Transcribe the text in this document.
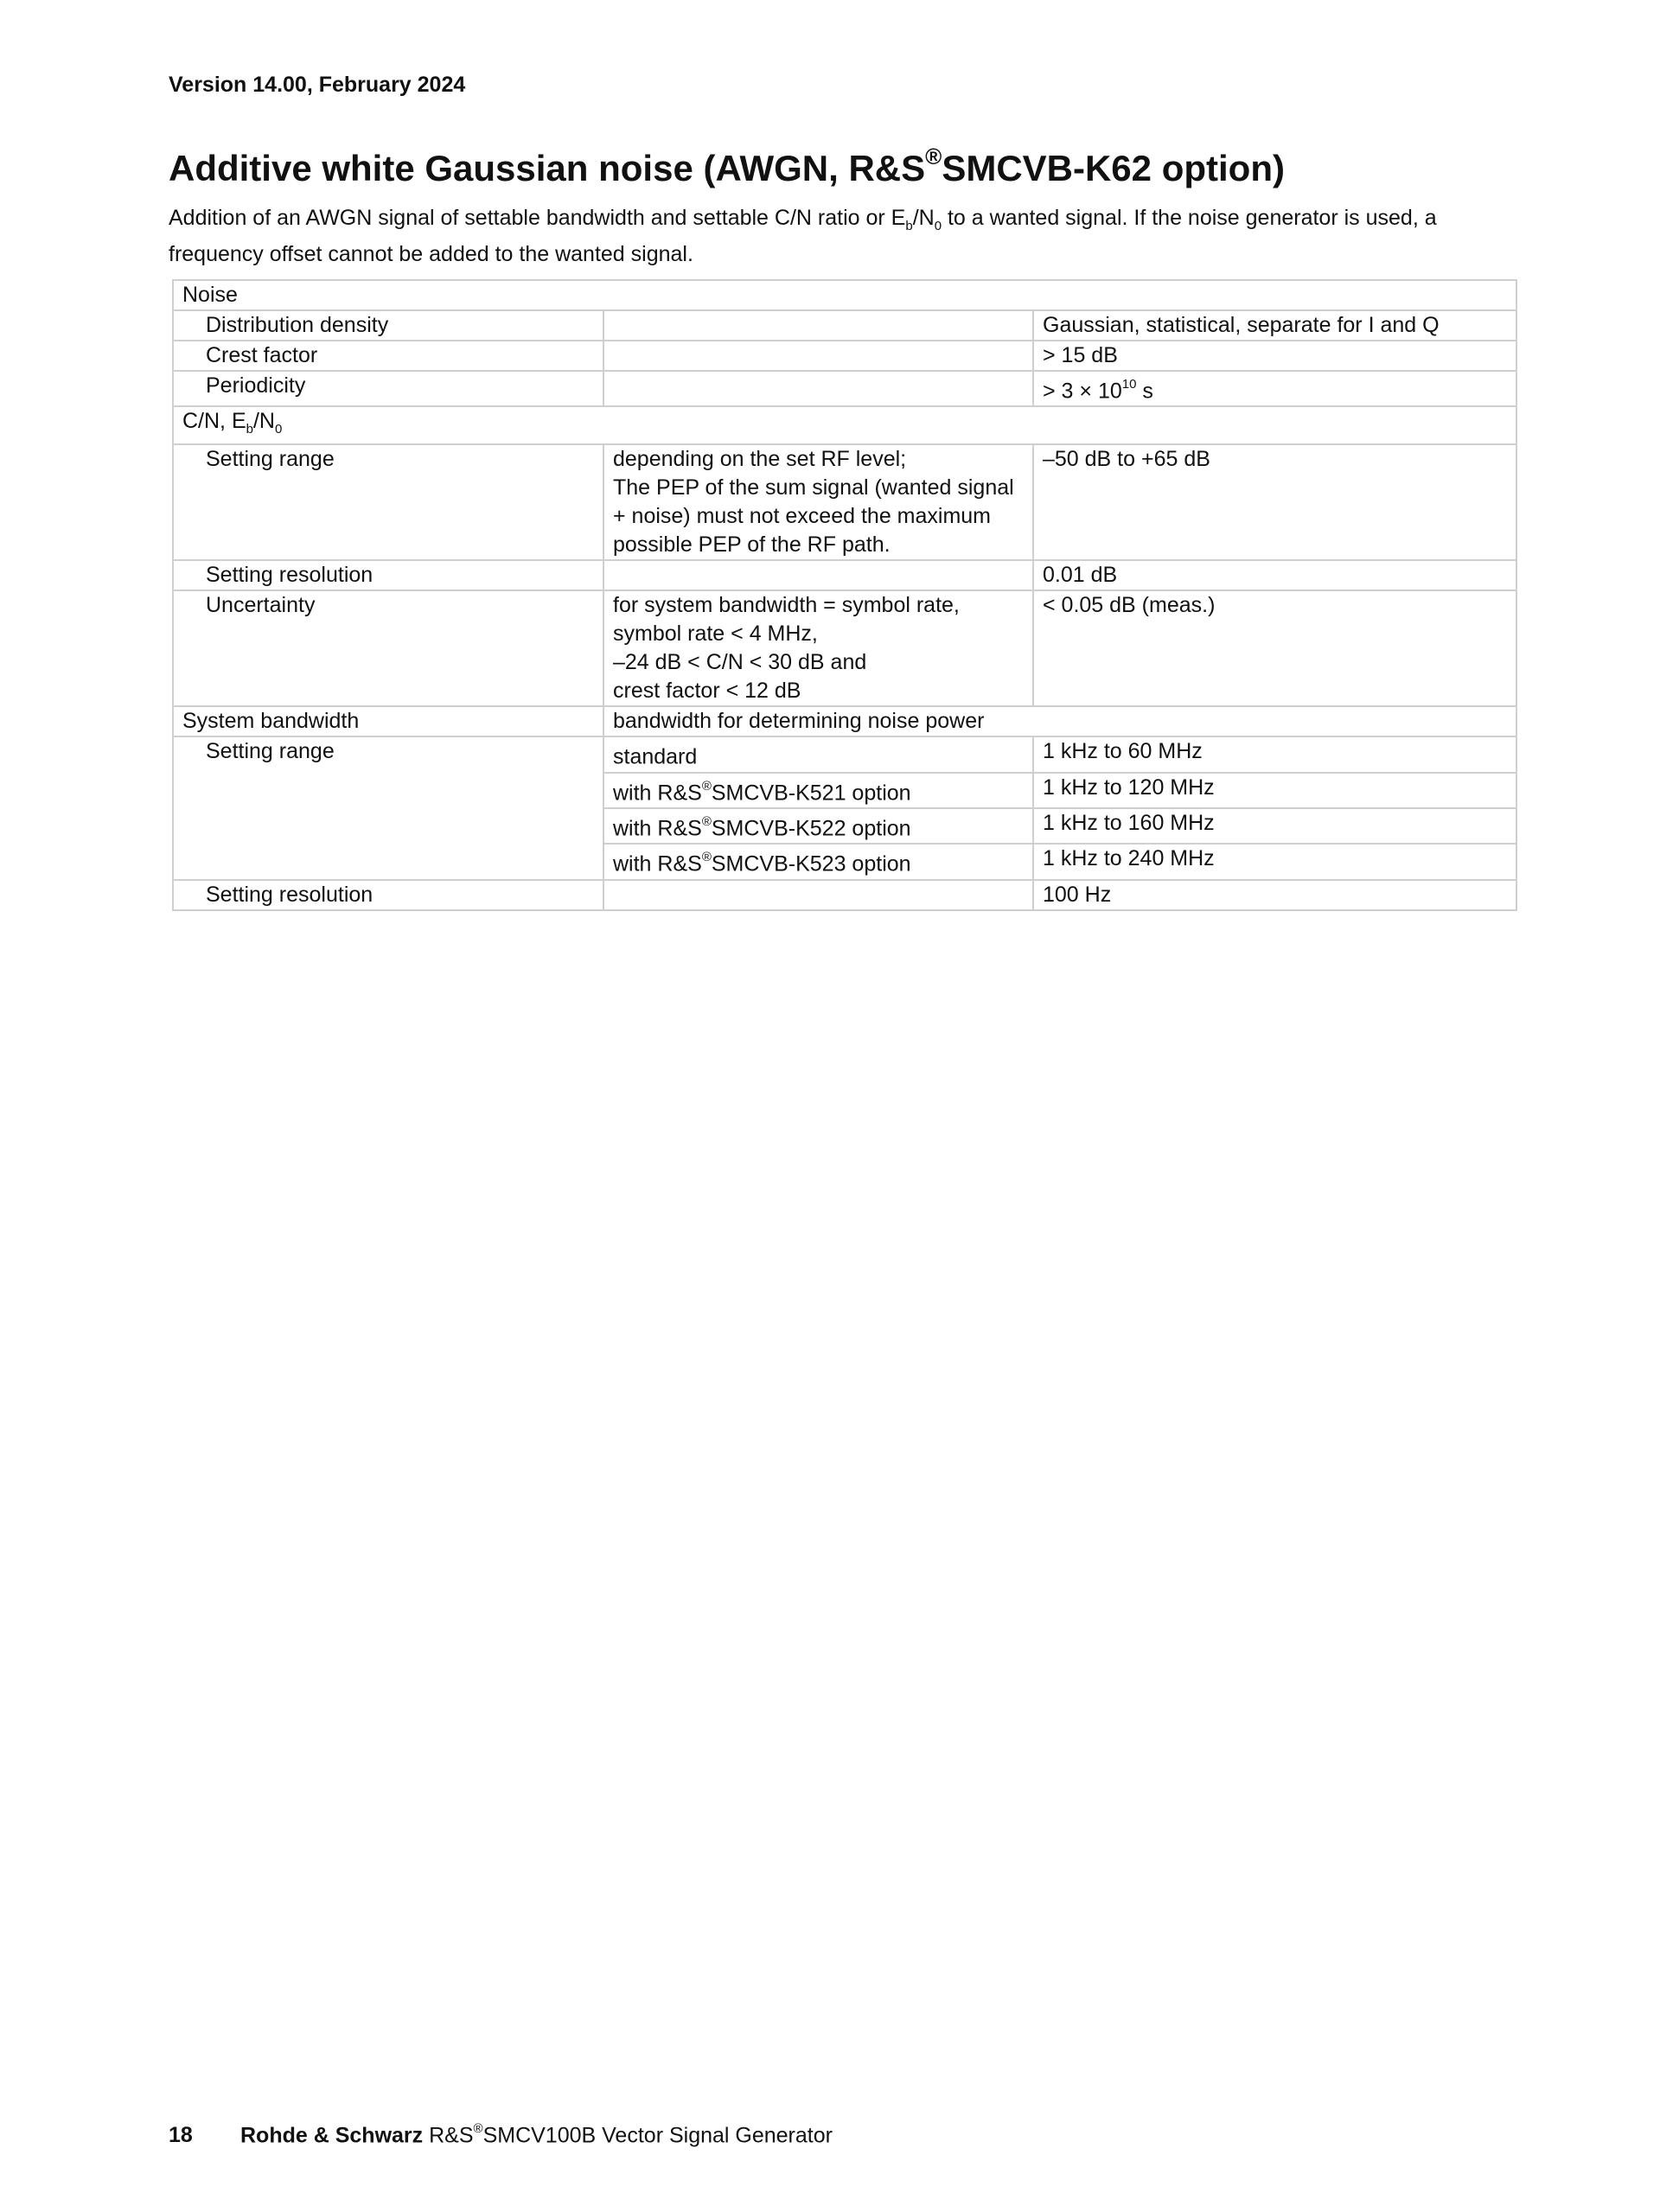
Version 14.00, February 2024
Additive white Gaussian noise (AWGN, R&S®SMCVB-K62 option)

Addition of an AWGN signal of settable bandwidth and settable C/N ratio or $E_b/N_0$ to a wanted signal. If the noise generator is used, a frequency offset cannot be added to the wanted signal.

Noise		
Distribution density		Gaussian, statistical, separate for I and Q
Crest factor		> 15 dB
Periodicity		> $3 \times 10^{10}$ s
C/N, $E_b/N_0$
Setting range	depending on the set RF level;
The PEP of the sum signal (wanted signal
+ noise) must not exceed the maximum
possible PEP of the RF path.	–50 dB to +65 dB
Setting resolution		0.01 dB
Uncertainty	for system bandwidth = symbol rate,
symbol rate < 4 MHz,
–24 dB < C/N < 30 dB and
crest factor < 12 dB	< 0.05 dB (meas.)
System bandwidth	bandwidth for determining noise power	
Setting range	standard	1 kHz to 60 MHz
	with R&S®SMCVB-K521 option	1 kHz to 120 MHz
	with R&S®SMCVB-K522 option	1 kHz to 160 MHz
	with R&S®SMCVB-K523 option	1 kHz to 240 MHz
Setting resolution		100 Hz
18 Rohde & Schwarz R&S®SMCV100B Vector Signal Generator
